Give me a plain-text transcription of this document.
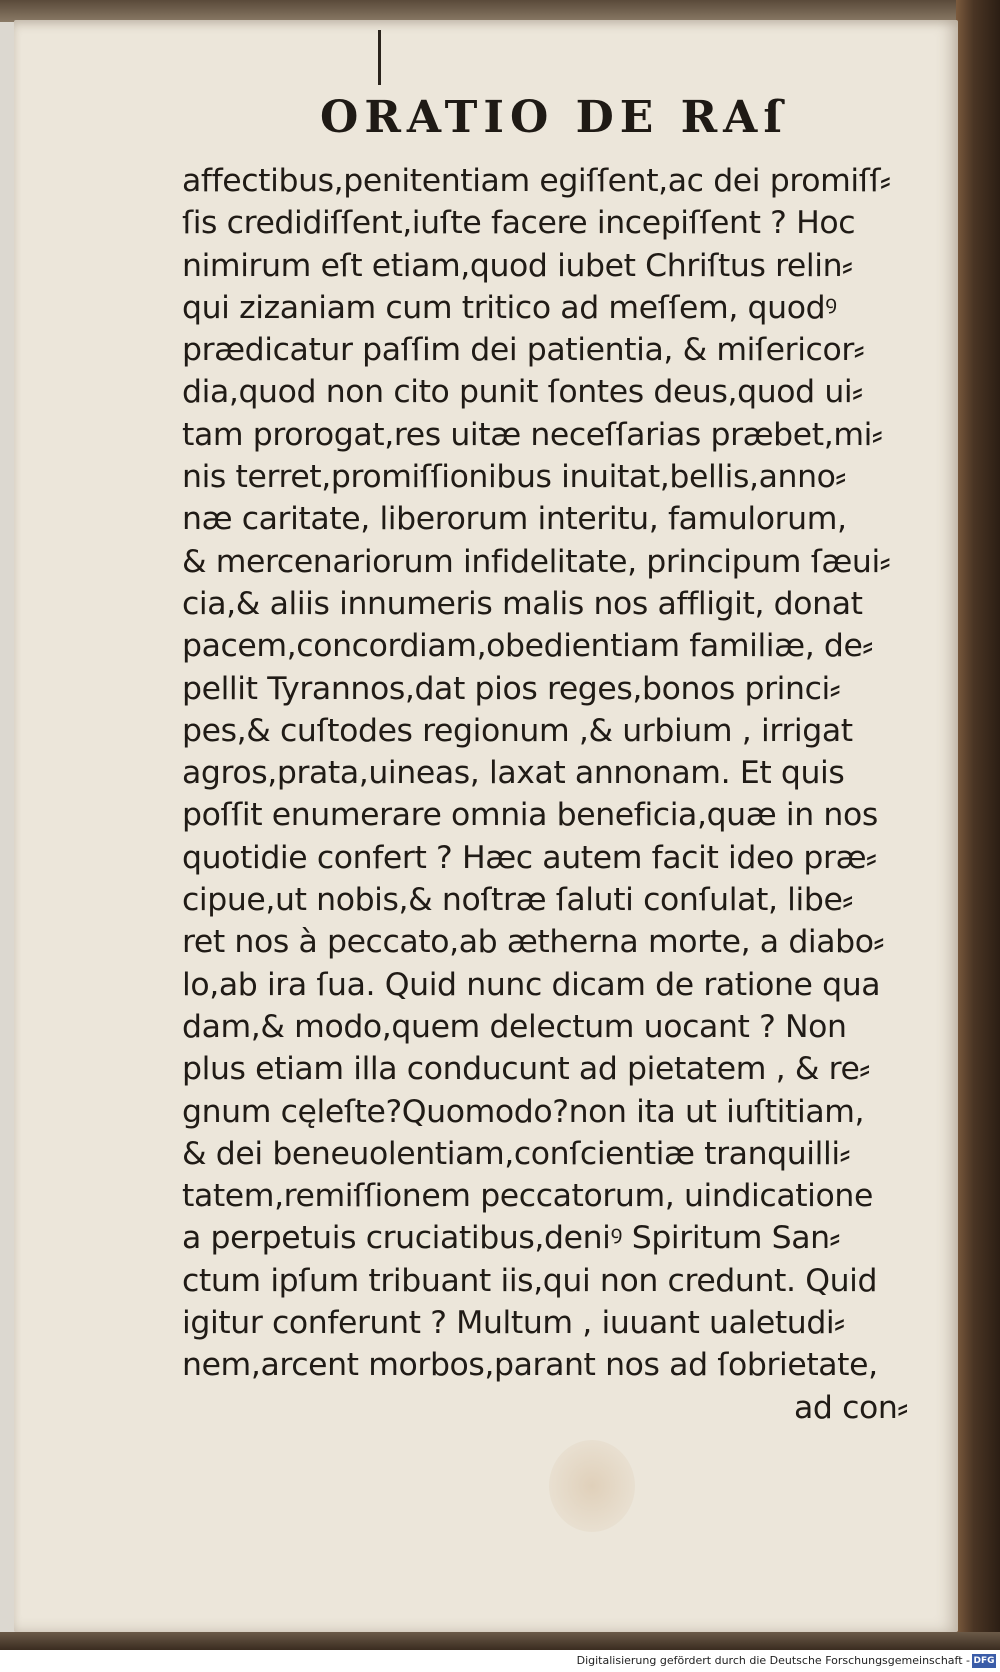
ORATIO DE RAſ
affectibus,penitentiam egiſſent,ac dei promiſſ⸗
ſis credidiſſent,iuſte facere incepiſſent ? Hoc
nimirum eſt etiam,quod iubet Chriſtus relin⸗
qui zizaniam cum tritico ad meſſem, quodꝰ
prædicatur paſſim dei patientia, & miſericor⸗
dia,quod non cito punit ſontes deus,quod ui⸗
tam prorogat,res uitæ neceſſarias præbet,mi⸗
nis terret,promiſſionibus inuitat,bellis,anno⸗
næ caritate, liberorum interitu, famulorum,
& mercenariorum infidelitate, principum ſæui⸗
cia,& aliis innumeris malis nos affligit, donat
pacem,concordiam,obedientiam familiæ, de⸗
pellit Tyrannos,dat pios reges,bonos princi⸗
pes,& cuſtodes regionum ,& urbium , irrigat
agros,prata,uineas, laxat annonam. Et quis
poſſit enumerare omnia beneficia,quæ in nos
quotidie confert ? Hæc autem facit ideo præ⸗
cipue,ut nobis,& noſtræ ſaluti conſulat, libe⸗
ret nos à peccato,ab ætherna morte, a diabo⸗
lo,ab ira ſua. Quid nunc dicam de ratione qua
dam,& modo,quem delectum uocant ? Non
plus etiam illa conducunt ad pietatem , & re⸗
gnum cęleſte?Quomodo?non ita ut iuſtitiam,
& dei beneuolentiam,conſcientiæ tranquilli⸗
tatem,remiſſionem peccatorum, uindicatione
a perpetuis cruciatibus,deniꝰ Spiritum San⸗
ctum ipſum tribuant iis,qui non credunt. Quid
igitur conferunt ? Multum , iuuant ualetudi⸗
nem,arcent morbos,parant nos ad ſobrietate,
ad con⸗
Digitalisierung gefördert durch die Deutsche Forschungsgemeinschaft - DFG
